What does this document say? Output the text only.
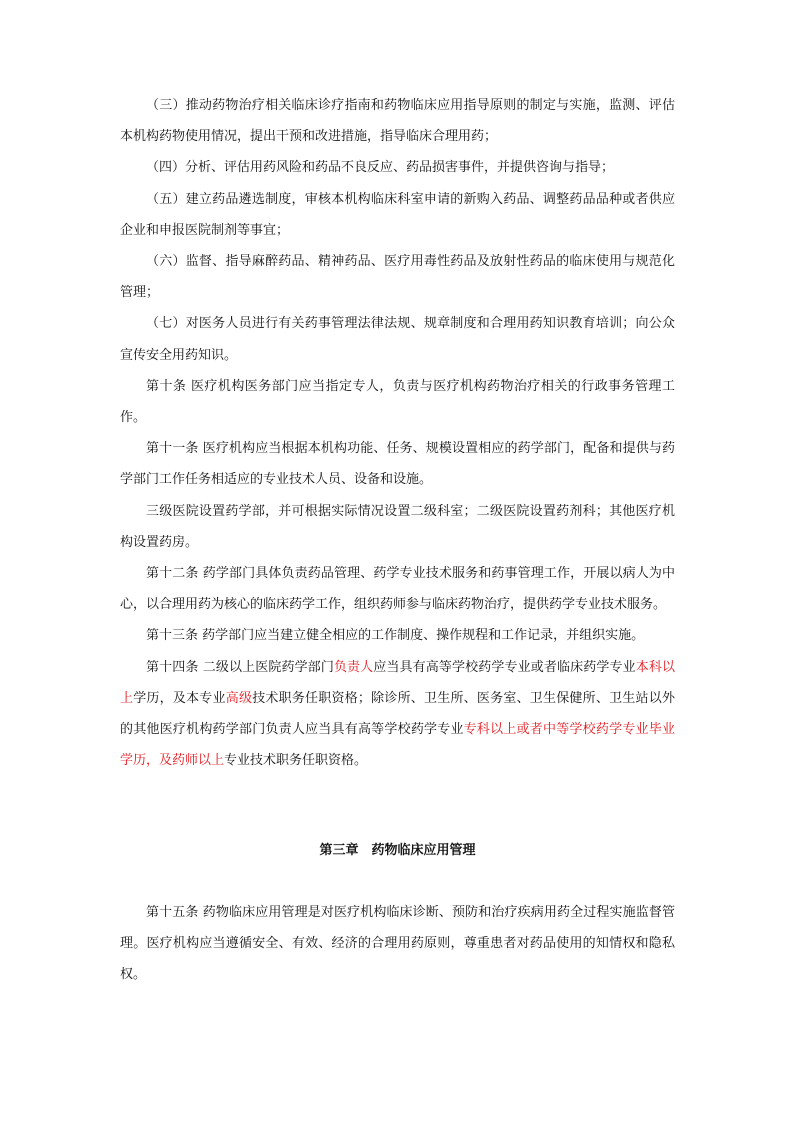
（三）推动药物治疗相关临床诊疗指南和药物临床应用指导原则的制定与实施，监测、评估本机构药物使用情况，提出干预和改进措施，指导临床合理用药；

（四）分析、评估用药风险和药品不良反应、药品损害事件，并提供咨询与指导；

（五）建立药品遴选制度，审核本机构临床科室申请的新购入药品、调整药品品种或者供应企业和申报医院制剂等事宜；

（六）监督、指导麻醉药品、精神药品、医疗用毒性药品及放射性药品的临床使用与规范化管理；

（七）对医务人员进行有关药事管理法律法规、规章制度和合理用药知识教育培训；向公众宣传安全用药知识。

第十条 医疗机构医务部门应当指定专人，负责与医疗机构药物治疗相关的行政事务管理工作。

第十一条 医疗机构应当根据本机构功能、任务、规模设置相应的药学部门，配备和提供与药学部门工作任务相适应的专业技术人员、设备和设施。

三级医院设置药学部，并可根据实际情况设置二级科室；二级医院设置药剂科；其他医疗机构设置药房。

第十二条 药学部门具体负责药品管理、药学专业技术服务和药事管理工作，开展以病人为中心，以合理用药为核心的临床药学工作，组织药师参与临床药物治疗，提供药学专业技术服务。

第十三条 药学部门应当建立健全相应的工作制度、操作规程和工作记录，并组织实施。

第十四条 二级以上医院药学部门负责人应当具有高等学校药学专业或者临床药学专业本科以上学历，及本专业高级技术职务任职资格；除诊所、卫生所、医务室、卫生保健所、卫生站以外的其他医疗机构药学部门负责人应当具有高等学校药学专业专科以上或者中等学校药学专业毕业学历，及药师以上专业技术职务任职资格。

第三章 药物临床应用管理

第十五条 药物临床应用管理是对医疗机构临床诊断、预防和治疗疾病用药全过程实施监督管理。医疗机构应当遵循安全、有效、经济的合理用药原则，尊重患者对药品使用的知情权和隐私权。
